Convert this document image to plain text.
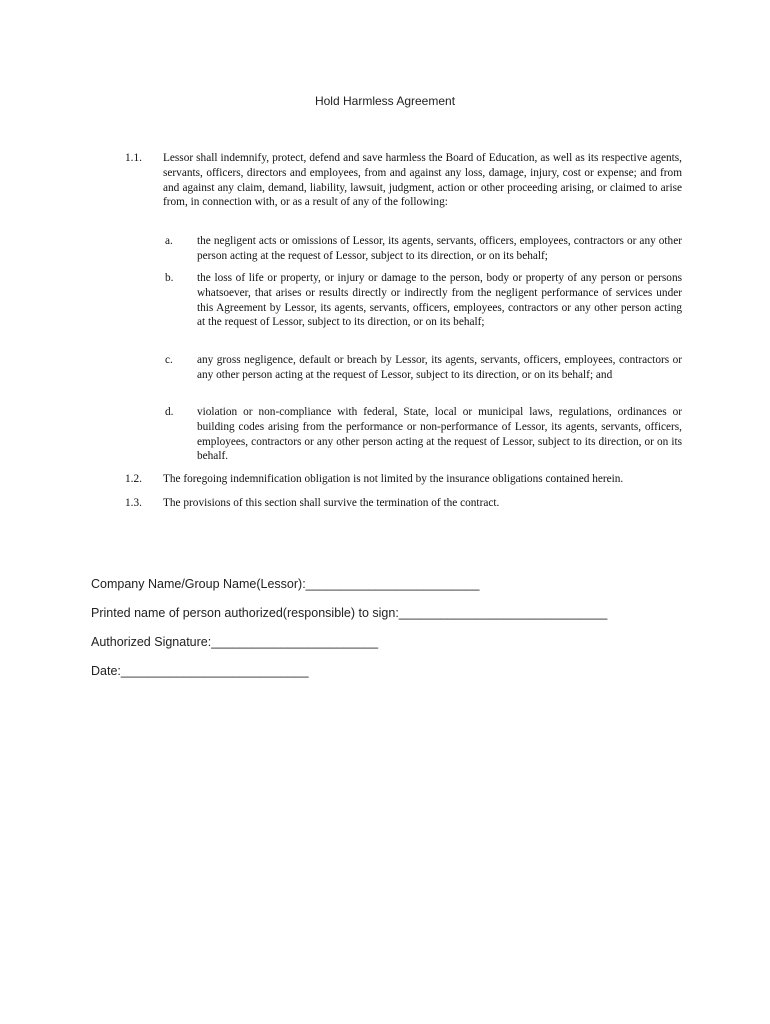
Hold Harmless Agreement
1.1. Lessor shall indemnify, protect, defend and save harmless the Board of Education, as well as its respective agents, servants, officers, directors and employees, from and against any loss, damage, injury, cost or expense; and from and against any claim, demand, liability, lawsuit, judgment, action or other proceeding arising, or claimed to arise from, in connection with, or as a result of any of the following:
a. the negligent acts or omissions of Lessor, its agents, servants, officers, employees, contractors or any other person acting at the request of Lessor, subject to its direction, or on its behalf;
b. the loss of life or property, or injury or damage to the person, body or property of any person or persons whatsoever, that arises or results directly or indirectly from the negligent performance of services under this Agreement by Lessor, its agents, servants, officers, employees, contractors or any other person acting at the request of Lessor, subject to its direction, or on its behalf;
c. any gross negligence, default or breach by Lessor, its agents, servants, officers, employees, contractors or any other person acting at the request of Lessor, subject to its direction, or on its behalf; and
d. violation or non-compliance with federal, State, local or municipal laws, regulations, ordinances or building codes arising from the performance or non-performance of Lessor, its agents, servants, officers, employees, contractors or any other person acting at the request of Lessor, subject to its direction, or on its behalf.
1.2. The foregoing indemnification obligation is not limited by the insurance obligations contained herein.
1.3. The provisions of this section shall survive the termination of the contract.
Company Name/Group Name(Lessor):_________________________
Printed name of person authorized(responsible) to sign:______________________________
Authorized Signature:________________________
Date:___________________________
